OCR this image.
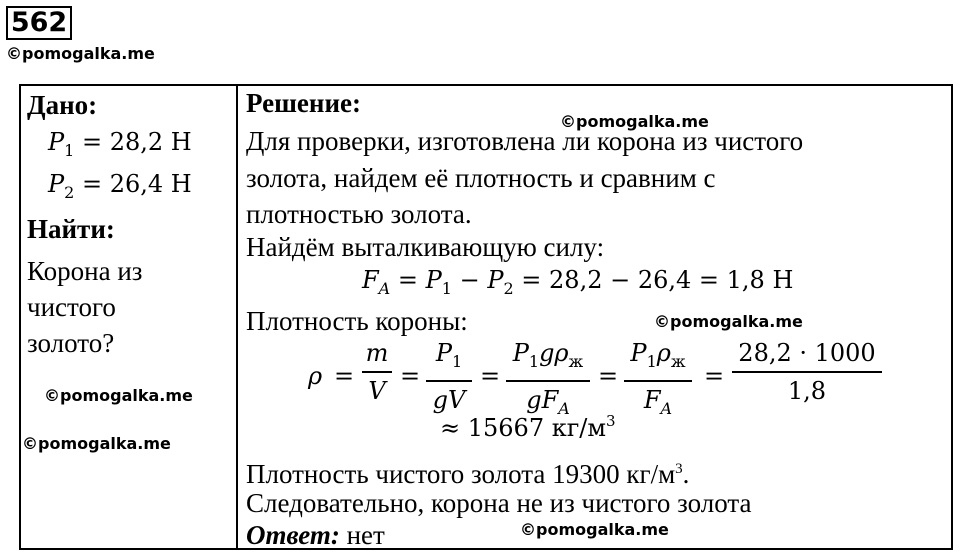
562
©pomogalka.me
Дано:
$P_1 = 28,2$ Н
$P_2 = 26,4$ Н
Найти:
Корона из
чистого
золото?
©pomogalka.me
©pomogalka.me
Решение:
©pomogalka.me
Для проверки, изготовлена ли корона из чистого
золота, найдем её плотность и сравним с
плотностью золота.
Найдём выталкивающую силу:
$F_A = P_1 - P_2 = 28,2 - 26,4 = 1,8$ Н
Плотность короны:	©pomogalka.me
ρ =
m
V
=
$P_1$
gV
=
$P_1g\rho_ж$
$gF_A$
=
$P_1\rho_ж$
$F_A$
=
28,2 · 1000
1,8
≈ 15667 $кг/м^3$
Плотность чистого золота 19300 $кг/м^3$.
Следовательно, корона не из чистого золота
©pomogalka.me
Ответ: нет
